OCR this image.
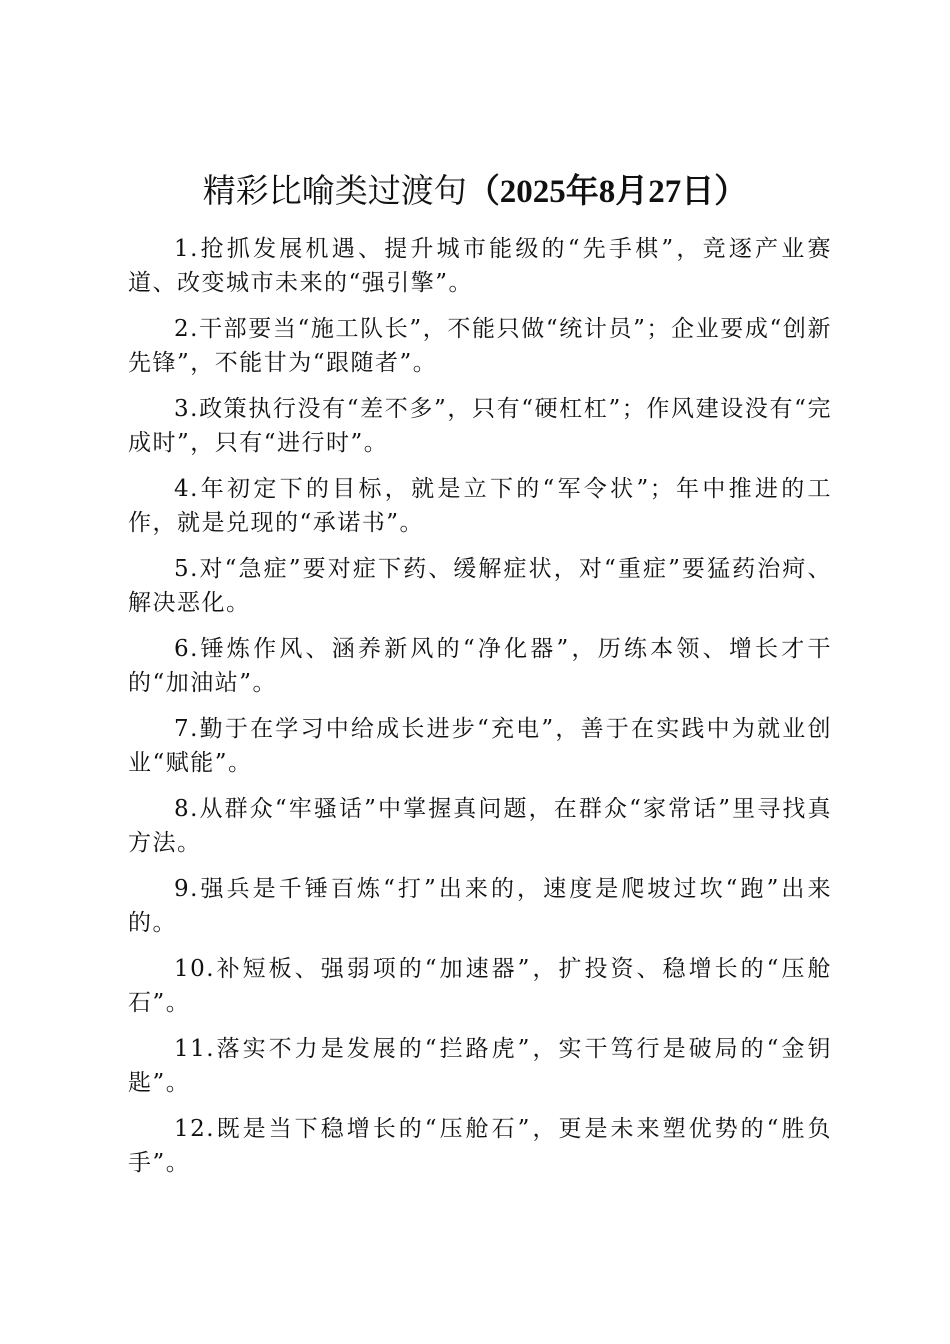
精彩比喻类过渡句（2025年8月27日）

1.抢抓发展机遇、提升城市能级的“先手棋”，竞逐产业赛道、改变城市未来的“强引擎”。

2.干部要当“施工队长”，不能只做“统计员”；企业要成“创新先锋”，不能甘为“跟随者”。

3.政策执行没有“差不多”，只有“硬杠杠”；作风建设没有“完成时”，只有“进行时”。

4.年初定下的目标，就是立下的“军令状”；年中推进的工作，就是兑现的“承诺书”。

5.对“急症”要对症下药、缓解症状，对“重症”要猛药治疴、解决恶化。

6.锤炼作风、涵养新风的“净化器”，历练本领、增长才干的“加油站”。

7.勤于在学习中给成长进步“充电”，善于在实践中为就业创业“赋能”。

8.从群众“牢骚话”中掌握真问题，在群众“家常话”里寻找真方法。

9.强兵是千锤百炼“打”出来的，速度是爬坡过坎“跑”出来的。

10.补短板、强弱项的“加速器”，扩投资、稳增长的“压舱石”。

11.落实不力是发展的“拦路虎”，实干笃行是破局的“金钥匙”。

12.既是当下稳增长的“压舱石”，更是未来塑优势的“胜负手”。
